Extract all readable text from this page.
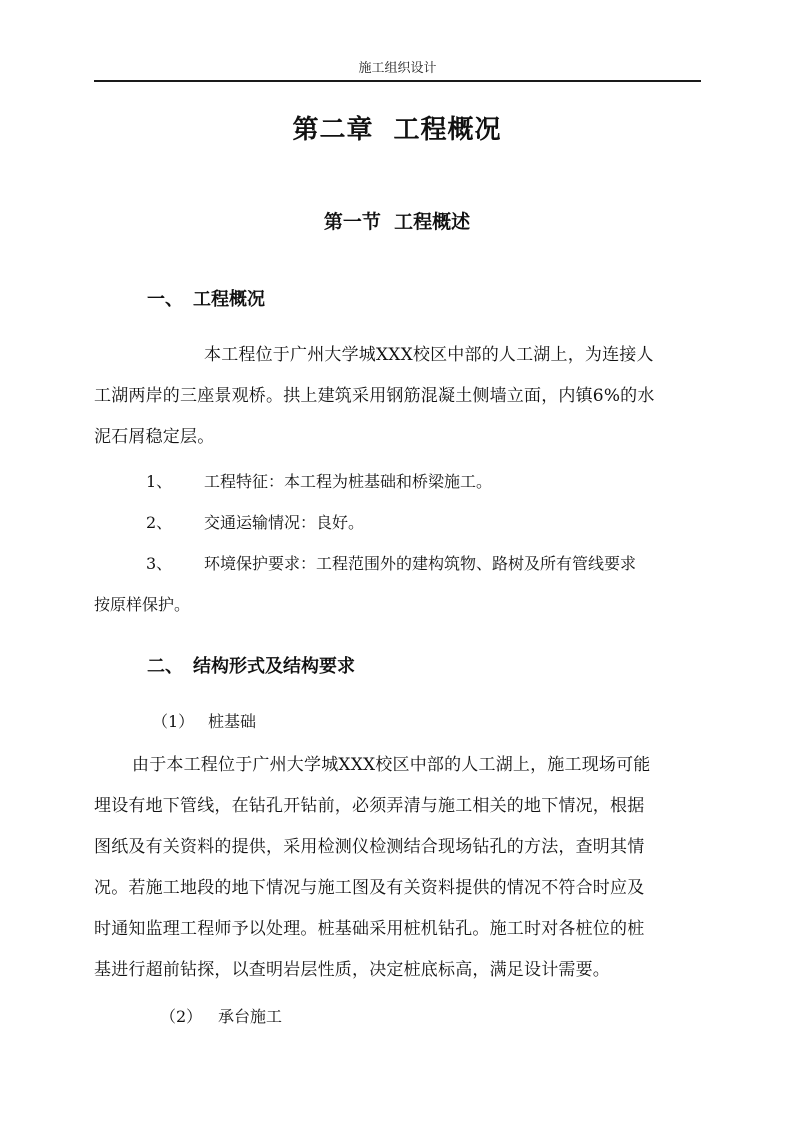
施工组织设计
第二章  工程概况
第一节  工程概述
一、 工程概况
本工程位于广州大学城XXX校区中部的人工湖上，为连接人
工湖两岸的三座景观桥。拱上建筑采用钢筋混凝土侧墙立面，内镇6%的水
泥石屑稳定层。
1、 工程特征：本工程为桩基础和桥梁施工。
2、 交通运输情况：良好。
3、 环境保护要求：工程范围外的建构筑物、路树及所有管线要求
按原样保护。
二、 结构形式及结构要求
（1） 桩基础
由于本工程位于广州大学城XXX校区中部的人工湖上，施工现场可能
埋设有地下管线，在钻孔开钻前，必须弄清与施工相关的地下情况，根据
图纸及有关资料的提供，采用检测仪检测结合现场钻孔的方法，查明其情
况。若施工地段的地下情况与施工图及有关资料提供的情况不符合时应及
时通知监理工程师予以处理。桩基础采用桩机钻孔。施工时对各桩位的桩
基进行超前钻探，以查明岩层性质，决定桩底标高，满足设计需要。
（2） 承台施工
